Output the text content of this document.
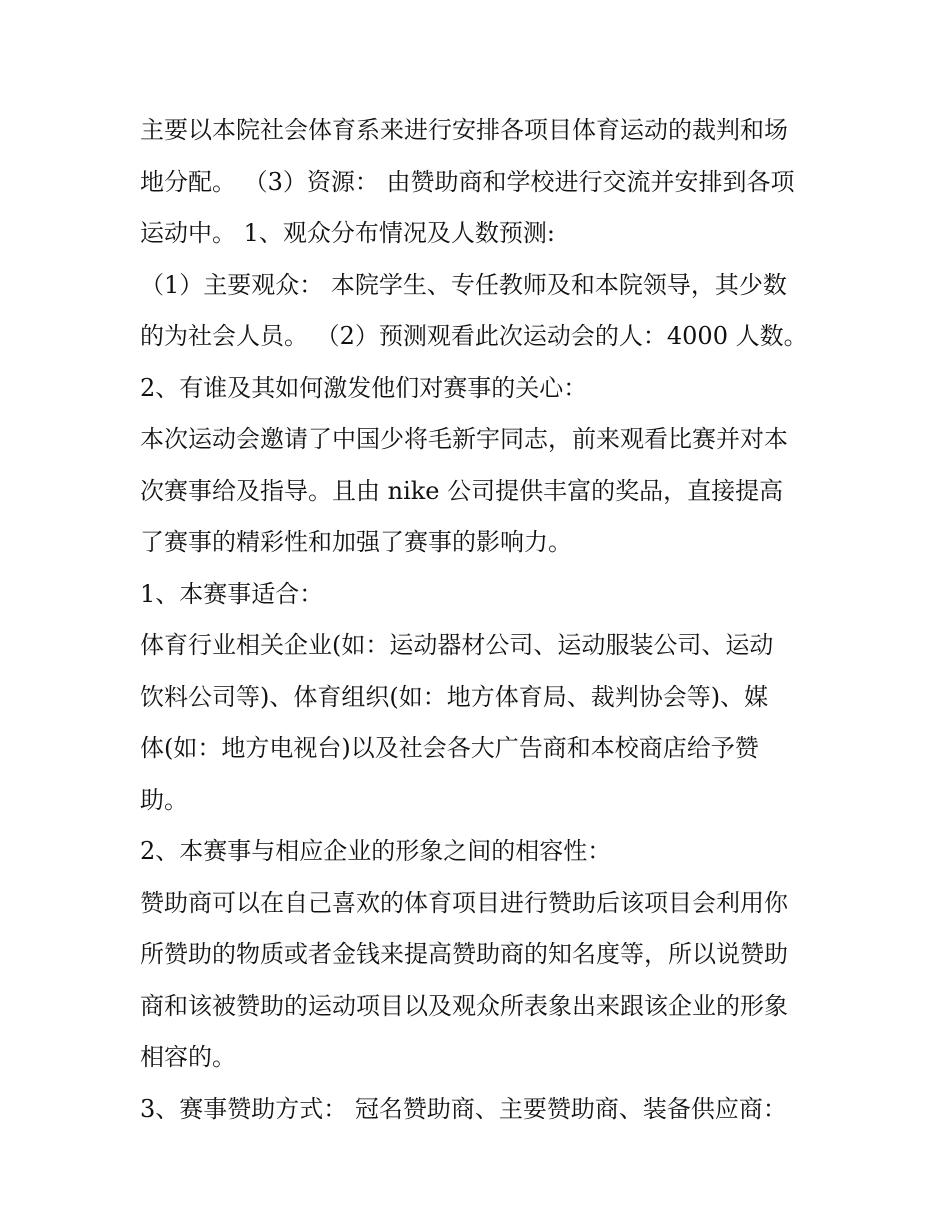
主要以本院社会体育系来进行安排各项目体育运动的裁判和场
地分配。 （3）资源： 由赞助商和学校进行交流并安排到各项
运动中。 1、观众分布情况及人数预测:
（1）主要观众： 本院学生、专任教师及和本院领导，其少数
的为社会人员。 （2）预测观看此次运动会的人：4000 人数。
2、有谁及其如何激发他们对赛事的关心：
本次运动会邀请了中国少将毛新宇同志，前来观看比赛并对本
次赛事给及指导。且由 nike 公司提供丰富的奖品，直接提高
了赛事的精彩性和加强了赛事的影响力。
1、本赛事适合：
体育行业相关企业(如：运动器材公司、运动服装公司、运动
饮料公司等)、体育组织(如：地方体育局、裁判协会等)、媒
体(如：地方电视台)以及社会各大广告商和本校商店给予赞
助。
2、本赛事与相应企业的形象之间的相容性：
赞助商可以在自己喜欢的体育项目进行赞助后该项目会利用你
所赞助的物质或者金钱来提高赞助商的知名度等，所以说赞助
商和该被赞助的运动项目以及观众所表象出来跟该企业的形象
相容的。
3、赛事赞助方式： 冠名赞助商、主要赞助商、装备供应商：
